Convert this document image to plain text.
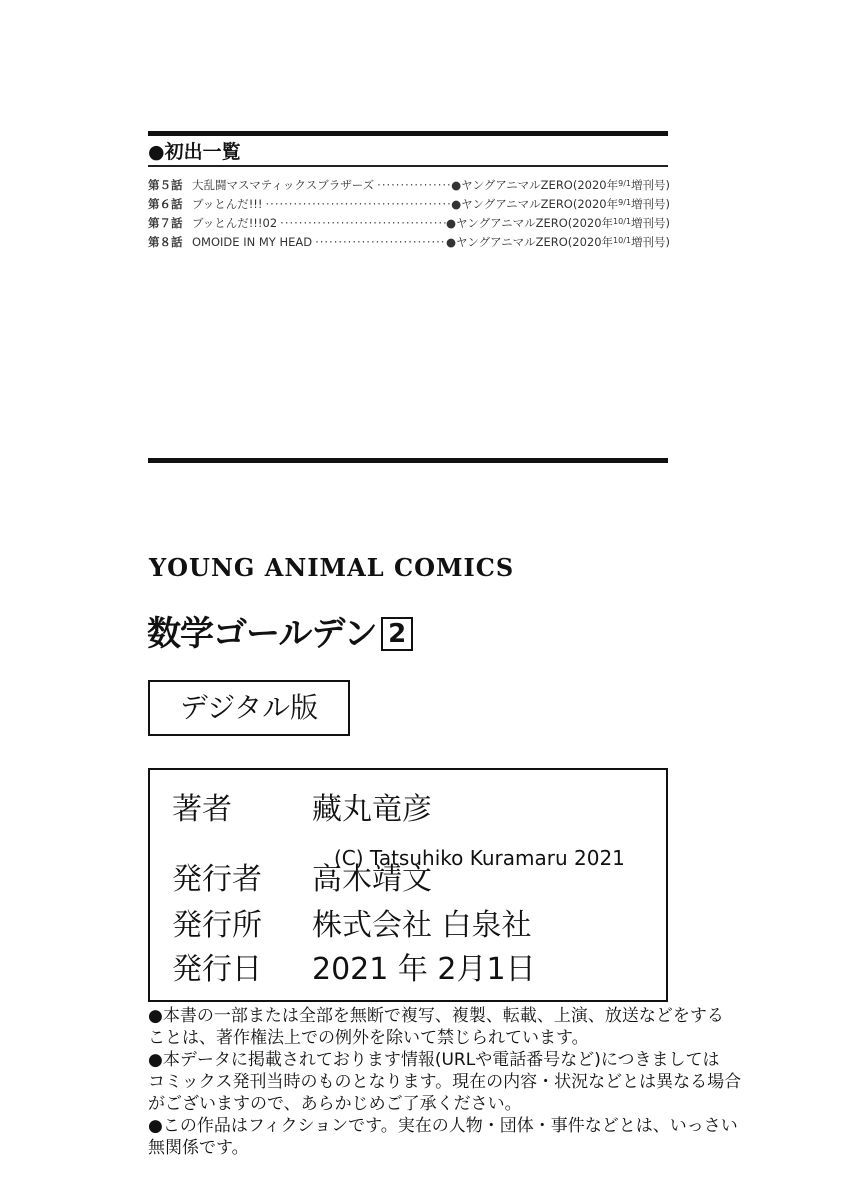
●初出一覧
第５話 大乱闘マスマティックスブラザーズ ·····	●ヤングアニマルZERO(2020年$^{9/1}$増刊号)
第６話 ブッとんだ!!! ·····	●ヤングアニマルZERO(2020年$^{9/1}$増刊号)
第７話 ブッとんだ!!!02 ·····	●ヤングアニマルZERO(2020年$^{10/1}$増刊号)
第８話 OMOIDE IN MY HEAD ·····	●ヤングアニマルZERO(2020年$^{10/1}$増刊号)
YOUNG ANIMAL COMICS
数学ゴールデン 2
デジタル版
著者	藏丸竜彦
(C) Tatsuhiko Kuramaru 2021
発行者	高木靖文
発行所	株式会社 白泉社
発行日	2021 年 2月1日
●本書の一部または全部を無断で複写、複製、転載、上演、放送などをする
ことは、著作権法上での例外を除いて禁じられています。
●本データに掲載されております情報(URLや電話番号など)につきましては
コミックス発刊当時のものとなります。現在の内容・状況などとは異なる場合
がございますので、あらかじめご了承ください。
●この作品はフィクションです。実在の人物・団体・事件などとは、いっさい
無関係です。
